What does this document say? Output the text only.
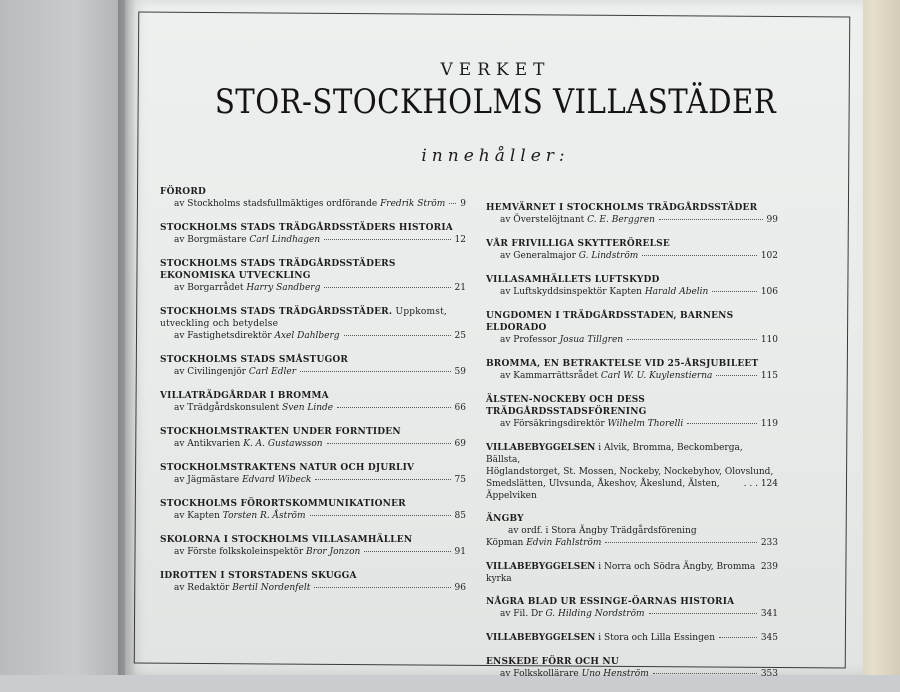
VERKET
STOR-STOCKHOLMS VILLASTÄDER
innehåller:
FÖRORD
av Stockholms stadsfullmäktiges ordförande Fredrik Ström 9
STOCKHOLMS STADS TRÄDGÅRDSSTÄDERS HISTORIA
av Borgmästare Carl Lindhagen	12
STOCKHOLMS STADS TRÄDGÅRDSSTÄDERS EKONOMISKA UTVECKLING
av Borgarrådet Harry Sandberg	21
STOCKHOLMS STADS TRÄDGÅRDSSTÄDER. Uppkomst, utveckling och betydelse
av Fastighetsdirektör Axel Dahlberg	25
STOCKHOLMS STADS SMÅSTUGOR
av Civilingenjör Carl Edler	59
VILLATRÄDGÅRDAR I BROMMA
av Trädgårdskonsulent Sven Linde	66
STOCKHOLMSTRAKTEN UNDER FORNTIDEN
av Antikvarien K. A. Gustawsson	69
STOCKHOLMSTRAKTENS NATUR OCH DJURLIV
av Jägmästare Edvard Wibeck	75
STOCKHOLMS FÖRORTSKOMMUNIKATIONER
av Kapten Torsten R. Åström	85
SKOLORNA I STOCKHOLMS VILLASAMHÄLLEN
av Förste folkskoleinspektör Bror Jonzon	91
IDROTTEN I STORSTADENS SKUGGA
av Redaktör Bertil Nordenfelt	96
HEMVÄRNET I STOCKHOLMS TRÄDGÅRDSSTÄDER
av Överstelöjtnant C. E. Berggren	99
VÅR FRIVILLIGA SKYTTERÖRELSE
av Generalmajor G. Lindström	102
VILLASAMHÄLLETS LUFTSKYDD
av Luftskyddsinspektör Kapten Harald Abelin	106
UNGDOMEN I TRÄDGÅRDSSTADEN, BARNENS ELDORADO
av Professor Josua Tillgren	110
BROMMA, EN BETRAKTELSE VID 25-ÅRSJUBILEET
av Kammarrättsrådet Carl W. U. Kuylenstierna	115
ÄLSTEN-NOCKEBY OCH DESS TRÄDGÅRDSSTADSFÖRENING
av Försäkringsdirektör Wilhelm Thorelli	119
VILLABEBYGGELSEN i Alvik, Bromma, Beckomberga, Bällsta,
Höglandstorget, St. Mossen, Nockeby, Nockebyhov, Olovslund,
Smedslätten, Ulvsunda, Åkeshov, Åkeslund, Älsten, Äppelviken
. . . 124
ÄNGBY
av ordf. i Stora Ängby Trädgårdsförening
Köpman Edvin Fahlström	233
VILLABEBYGGELSEN i Norra och Södra Ängby, Bromma kyrka
239
NÅGRA BLAD UR ESSINGE-ÖARNAS HISTORIA
av Fil. Dr G. Hilding Nordström	341
VILLABEBYGGELSEN i Stora och Lilla Essingen	345
ENSKEDE FÖRR OCH NU
av Folkskollärare Uno Henström	353
